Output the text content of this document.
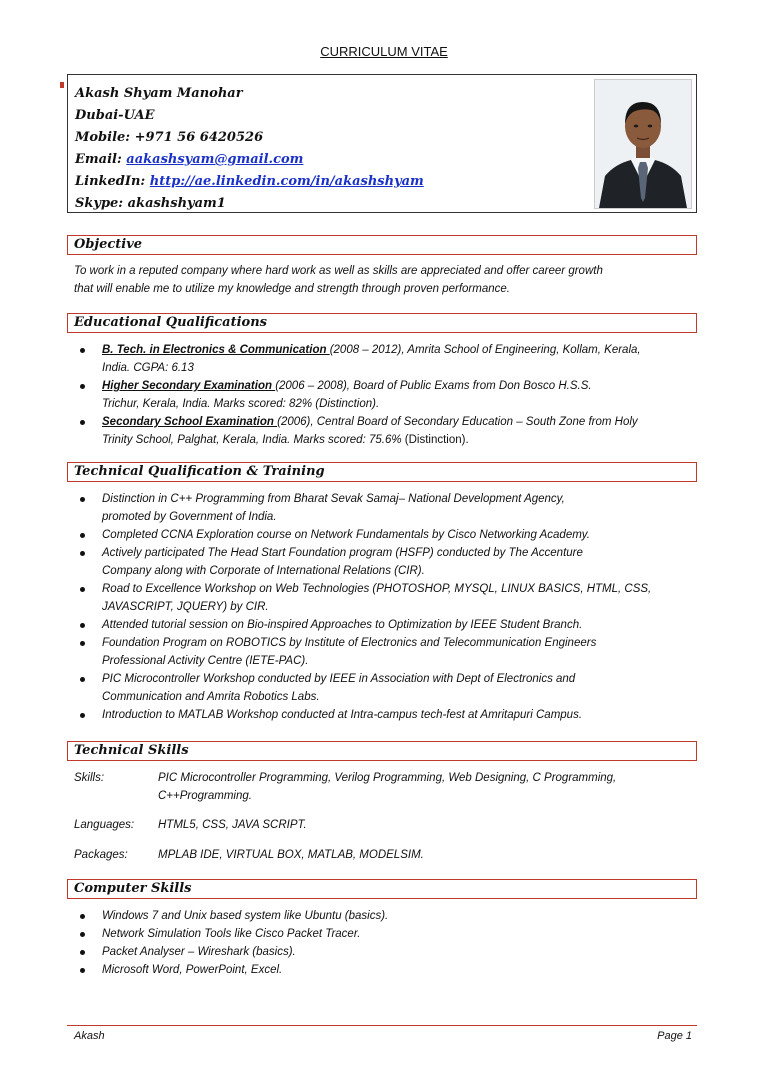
CURRICULUM VITAE
Akash Shyam Manohar
Dubai-UAE
Mobile: +971 56 6420526
Email: aakashsyam@gmail.com
LinkedIn: http://ae.linkedin.com/in/akashshyam
Skype: akashshyam1
Objective
To work in a reputed company where hard work as well as skills are appreciated and offer career growth
that will enable me to utilize my knowledge and strength through proven performance.
Educational Qualifications
B. Tech. in Electronics & Communication (2008 – 2012), Amrita School of Engineering, Kollam, Kerala,
India. CGPA: 6.13
Higher Secondary Examination (2006 – 2008), Board of Public Exams from Don Bosco H.S.S.
Trichur, Kerala, India. Marks scored: 82% (Distinction).
Secondary School Examination (2006), Central Board of Secondary Education – South Zone from Holy
Trinity School, Palghat, Kerala, India. Marks scored: 75.6% (Distinction).
Technical Qualification & Training
Distinction in C++ Programming from Bharat Sevak Samaj– National Development Agency,
promoted by Government of India.
Completed CCNA Exploration course on Network Fundamentals by Cisco Networking Academy.
Actively participated The Head Start Foundation program (HSFP) conducted by The Accenture
Company along with Corporate of International Relations (CIR).
Road to Excellence Workshop on Web Technologies (PHOTOSHOP, MYSQL, LINUX BASICS, HTML, CSS,
JAVASCRIPT, JQUERY) by CIR.
Attended tutorial session on Bio-inspired Approaches to Optimization by IEEE Student Branch.
Foundation Program on ROBOTICS by Institute of Electronics and Telecommunication Engineers
Professional Activity Centre (IETE-PAC).
PIC Microcontroller Workshop conducted by IEEE in Association with Dept of Electronics and
Communication and Amrita Robotics Labs.
Introduction to MATLAB Workshop conducted at Intra-campus tech-fest at Amritapuri Campus.
Technical Skills
Skills:	PIC Microcontroller Programming, Verilog Programming, Web Designing, C Programming,
C++Programming.
Languages:	HTML5, CSS, JAVA SCRIPT.
Packages:	MPLAB IDE, VIRTUAL BOX, MATLAB, MODELSIM.
Computer Skills
Windows 7 and Unix based system like Ubuntu (basics).
Network Simulation Tools like Cisco Packet Tracer.
Packet Analyser – Wireshark (basics).
Microsoft Word, PowerPoint, Excel.
Akash	Page 1
